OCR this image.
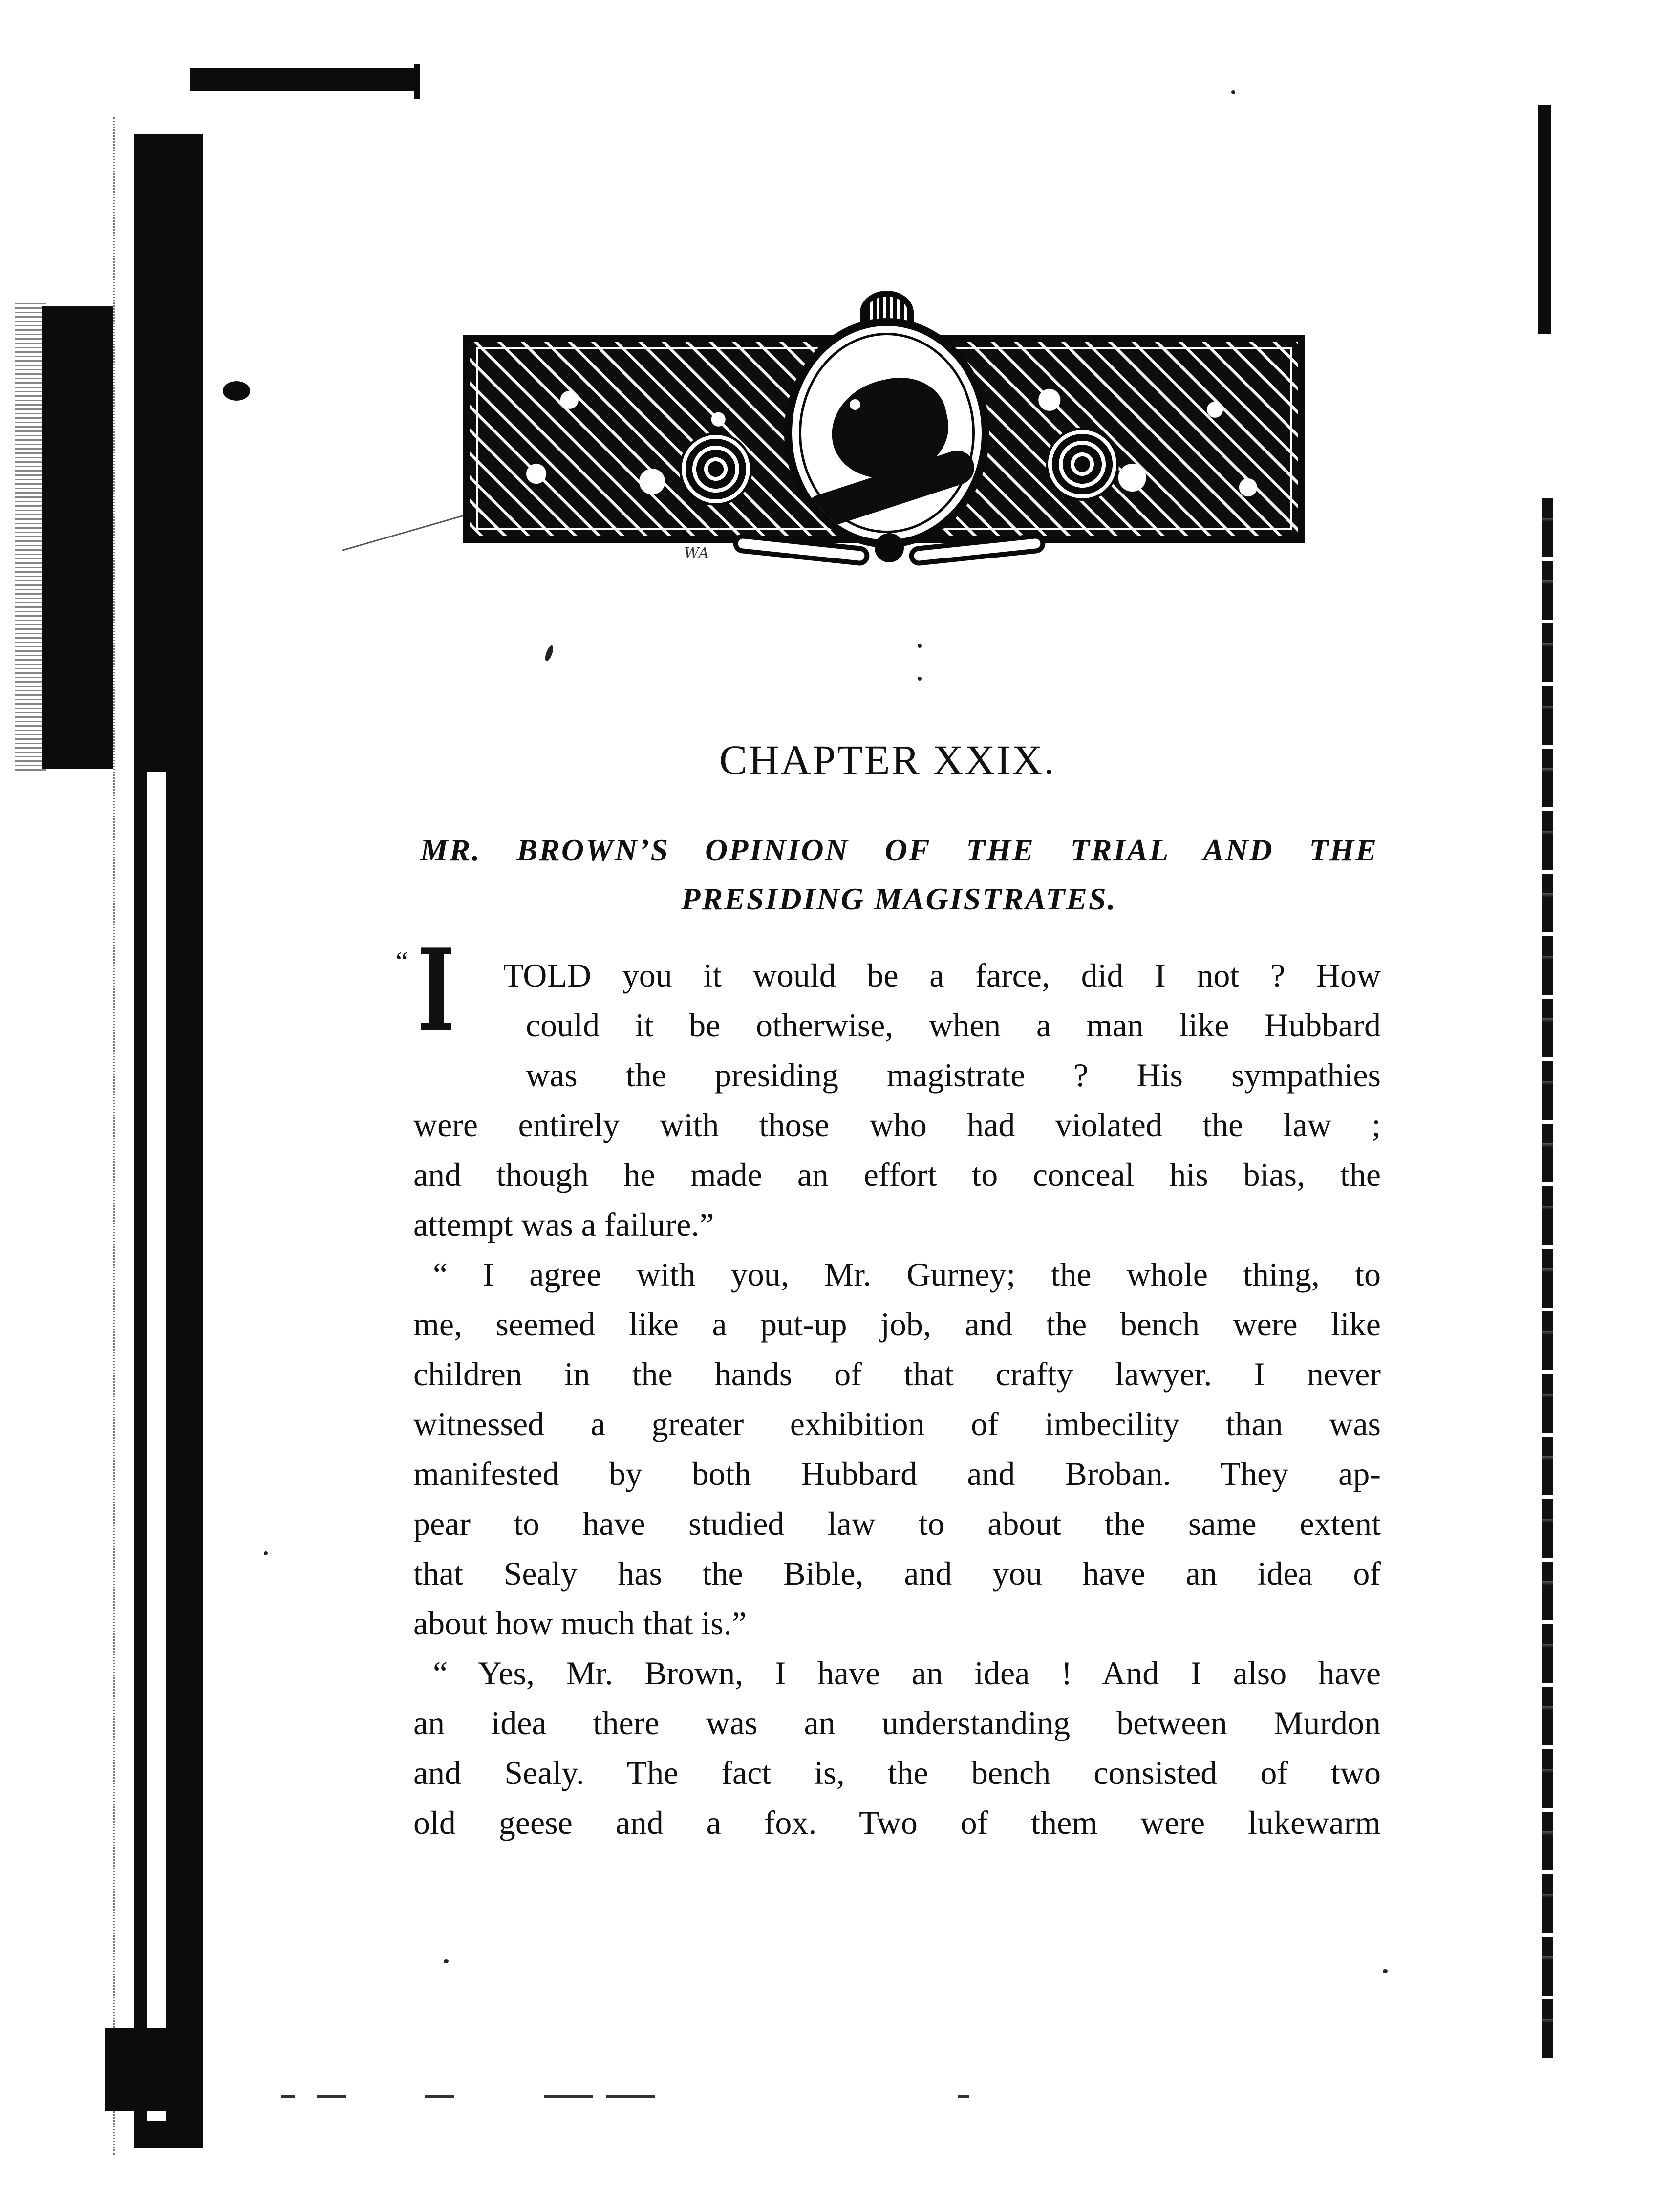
WA
CHAPTER XXIX.
MR. BROWN’S OPINION OF THE TRIAL AND THE
PRESIDING MAGISTRATES.
“ I	TOLD you it would be a farce, did I not ? How
could it be otherwise, when a man like Hubbard
was the presiding magistrate ? His sympathies
were entirely with those who had violated the law ;
and though he made an effort to conceal his bias, the
attempt was a failure.”
“ I agree with you, Mr. Gurney; the whole thing, to
me, seemed like a put-up job, and the bench were like
children in the hands of that crafty lawyer. I never
witnessed a greater exhibition of imbecility than was
manifested by both Hubbard and Broban. They ap-
pear to have studied law to about the same extent
that Sealy has the Bible, and you have an idea of
about how much that is.”
“ Yes, Mr. Brown, I have an idea ! And I also have
an idea there was an understanding between Murdon
and Sealy. The fact is, the bench consisted of two
old geese and a fox. Two of them were lukewarm
